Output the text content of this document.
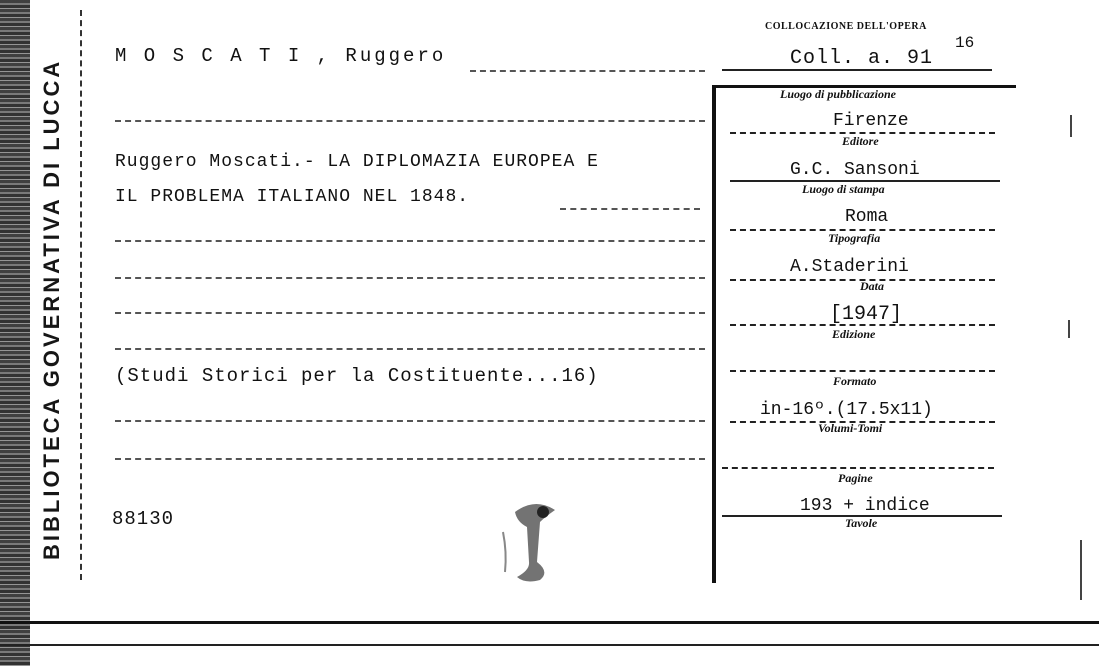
BIBLIOTECA GOVERNATIVA DI LUCCA
M O S C A T I , Ruggero
Ruggero Moscati.- LA DIPLOMAZIA EUROPEA E
IL PROBLEMA ITALIANO NEL 1848.
(Studi Storici per la Costituente...16)
88130
COLLOCAZIONE DELL'OPERA
Coll. a. 91
16
Luogo di pubblicazione
Firenze
Editore
G.C. Sansoni
Luogo di stampa
Roma
Tipografia
A.Staderini
Data
[1947]
Edizione
Formato
in-16º.(17.5x11)
Volumi-Tomi
Pagine
193 + indice
Tavole
